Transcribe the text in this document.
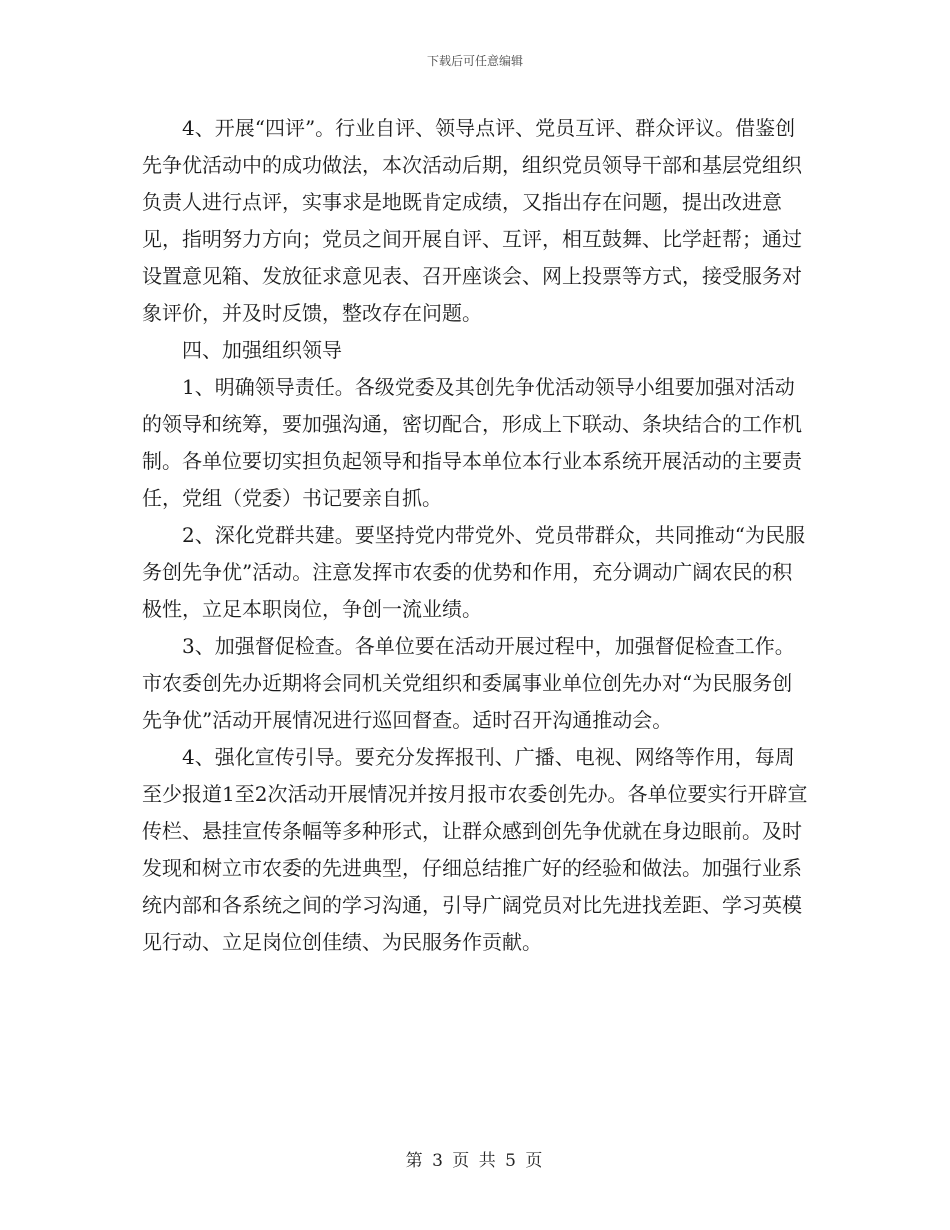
下载后可任意编辑

4、开展“四评”。行业自评、领导点评、党员互评、群众评议。借鉴创先争优活动中的成功做法，本次活动后期，组织党员领导干部和基层党组织负责人进行点评，实事求是地既肯定成绩，又指出存在问题，提出改进意见，指明努力方向；党员之间开展自评、互评，相互鼓舞、比学赶帮；通过设置意见箱、发放征求意见表、召开座谈会、网上投票等方式，接受服务对象评价，并及时反馈，整改存在问题。

四、加强组织领导

1、明确领导责任。各级党委及其创先争优活动领导小组要加强对活动的领导和统筹，要加强沟通，密切配合，形成上下联动、条块结合的工作机制。各单位要切实担负起领导和指导本单位本行业本系统开展活动的主要责任，党组（党委）书记要亲自抓。

2、深化党群共建。要坚持党内带党外、党员带群众，共同推动“为民服务创先争优”活动。注意发挥市农委的优势和作用，充分调动广阔农民的积极性，立足本职岗位，争创一流业绩。

3、加强督促检查。各单位要在活动开展过程中，加强督促检查工作。市农委创先办近期将会同机关党组织和委属事业单位创先办对“为民服务创先争优”活动开展情况进行巡回督查。适时召开沟通推动会。

4、强化宣传引导。要充分发挥报刊、广播、电视、网络等作用，每周至少报道1至2次活动开展情况并按月报市农委创先办。各单位要实行开辟宣传栏、悬挂宣传条幅等多种形式，让群众感到创先争优就在身边眼前。及时发现和树立市农委的先进典型，仔细总结推广好的经验和做法。加强行业系统内部和各系统之间的学习沟通，引导广阔党员对比先进找差距、学习英模见行动、立足岗位创佳绩、为民服务作贡献。

第 3 页 共 5 页
